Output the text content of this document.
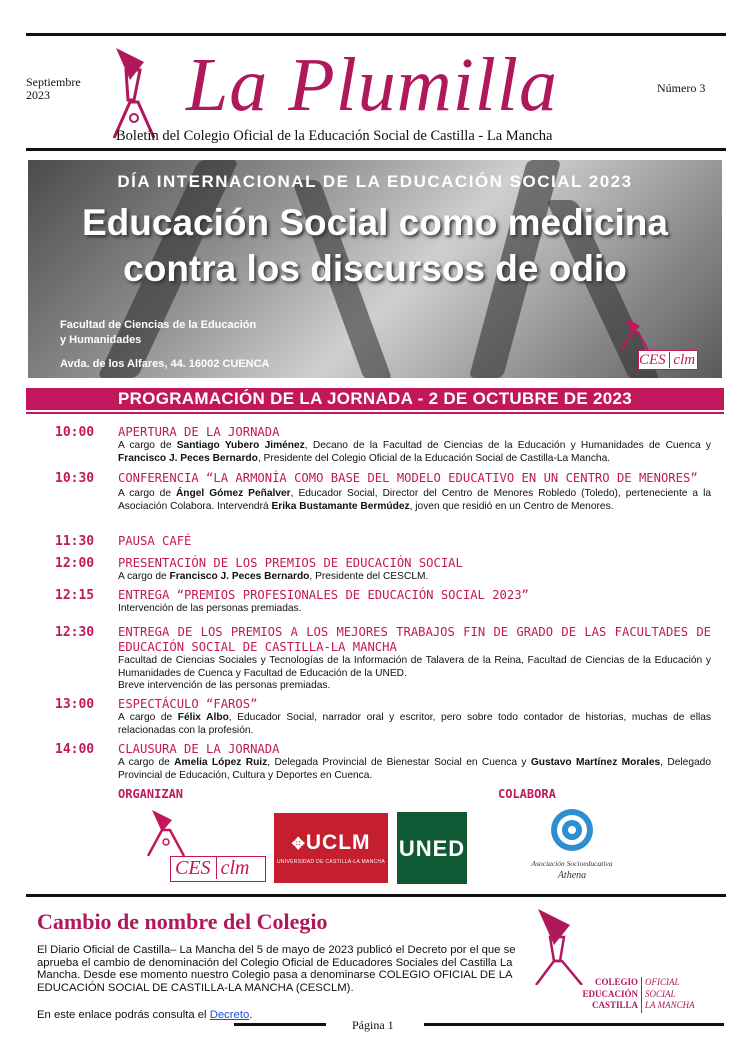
Septiembre
2023	La Plumilla	Número 3
Boletín del Colegio Oficial de la Educación Social de Castilla - La Mancha
DÍA INTERNACIONAL DE LA EDUCACIÓN SOCIAL 2023
Educación Social como medicina
contra los discursos de odio
Facultad de Ciencias de la Educación
y Humanidades
Avda. de los Alfares, 44. 16002 CUENCA	CES clm
PROGRAMACIÓN DE LA JORNADA - 2 DE OCTUBRE DE 2023
10:00 APERTURA DE LA JORNADA
A cargo de Santiago Yubero Jiménez, Decano de la Facultad de Ciencias de la Educación y Humanidades de Cuenca y Francisco J. Peces Bernardo, Presidente del Colegio Oficial de la Educación Social de Castilla-La Mancha.
10:30 CONFERENCIA “LA ARMONÍA COMO BASE DEL MODELO EDUCATIVO EN UN CENTRO DE MENORES”
A cargo de Ángel Gómez Peñalver, Educador Social, Director del Centro de Menores Robledo (Toledo), perteneciente a la Asociación Colabora. Intervendrá Erika Bustamante Bermúdez, joven que residió en un Centro de Menores.
11:30 PAUSA CAFÉ
12:00 PRESENTACIÓN DE LOS PREMIOS DE EDUCACIÓN SOCIAL
A cargo de Francisco J. Peces Bernardo, Presidente del CESCLM.
12:15 ENTREGA “PREMIOS PROFESIONALES DE EDUCACIÓN SOCIAL 2023”
Intervención de las personas premiadas.
12:30 ENTREGA DE LOS PREMIOS A LOS MEJORES TRABAJOS FIN DE GRADO DE LAS FACULTADES DE EDUCACIÓN SOCIAL DE CASTILLA-LA MANCHA
Facultad de Ciencias Sociales y Tecnologías de la Información de Talavera de la Reina, Facultad de Ciencias de la Educación y Humanidades de Cuenca y Facultad de Educación de la UNED.
Breve intervención de las personas premiadas.
13:00 ESPECTÁCULO “FAROS”
A cargo de Félix Albo, Educador Social, narrador oral y escritor, pero sobre todo contador de historias, muchas de ellas relacionadas con la profesión.
14:00 CLAUSURA DE LA JORNADA
A cargo de Amelia López Ruiz, Delegada Provincial de Bienestar Social en Cuenca y Gustavo Martínez Morales, Delegado Provincial de Educación, Cultura y Deportes en Cuenca.
ORGANIZAN	COLABORA
CES clm
✥UCLM
UNIVERSIDAD DE CASTILLA-LA MANCHA
UNED
Asociación Socioeducativa
Athena
Cambio de nombre del Colegio
El Diario Oficial de Castilla– La Mancha del 5 de mayo de 2023 publicó el Decreto por el que se aprueba el cambio de denominación del Colegio Oficial de Educadores Sociales del Castilla La Mancha. Desde ese momento nuestro Colegio pasa a denominarse COLEGIO OFICIAL DE LA EDUCACIÓN SOCIAL DE CASTILLA-LA MANCHA (CESCLM).
En este enlace podrás consulta el Decreto.
COLEGIO
EDUCACIÓN
CASTILLA
OFICIAL
SOCIAL
LA MANCHA
Página 1
